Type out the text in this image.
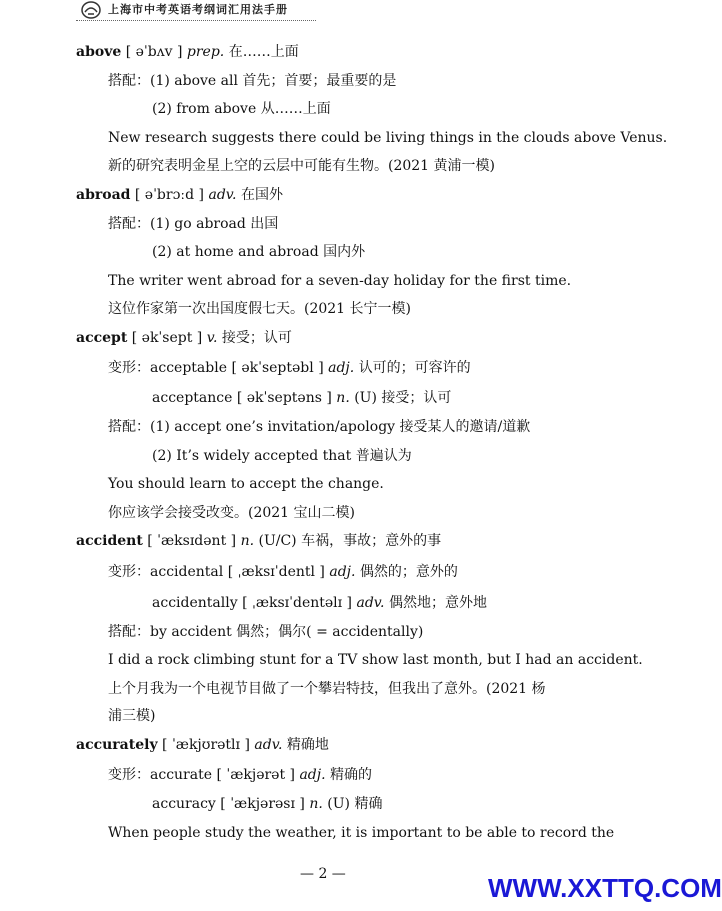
上海市中考英语考纲词汇用法手册
above [ əˈbʌv ] prep. 在……上面
搭配：(1) above all 首先；首要；最重要的是
(2) from above 从……上面
New research suggests there could be living things in the clouds above Venus.
新的研究表明金星上空的云层中可能有生物。(2021 黄浦一模)
abroad [ əˈbrɔːd ] adv. 在国外
搭配：(1) go abroad 出国
(2) at home and abroad 国内外
The writer went abroad for a seven-day holiday for the first time.
这位作家第一次出国度假七天。(2021 长宁一模)
accept [ əkˈsept ] v. 接受；认可
变形：acceptable [ əkˈseptəbl ] adj. 认可的；可容许的
acceptance [ əkˈseptəns ] n. (U) 接受；认可
搭配：(1) accept one’s invitation/apology 接受某人的邀请/道歉
(2) It’s widely accepted that 普遍认为
You should learn to accept the change.
你应该学会接受改变。(2021 宝山二模)
accident [ ˈæksɪdənt ] n. (U/C) 车祸，事故；意外的事
变形：accidental [ ˌæksɪˈdentl ] adj. 偶然的；意外的
accidentally [ ˌæksɪˈdentəlɪ ] adv. 偶然地；意外地
搭配：by accident 偶然；偶尔( = accidentally)
I did a rock climbing stunt for a TV show last month, but I had an accident.
上个月我为一个电视节目做了一个攀岩特技，但我出了意外。(2021 杨
浦三模)
accurately [ ˈækjʊrətlɪ ] adv. 精确地
变形：accurate [ ˈækjərət ] adj. 精确的
accuracy [ ˈækjərəsɪ ] n. (U) 精确
When people study the weather, it is important to be able to record the
— 2 —	WWW.XXTTQ.COM
